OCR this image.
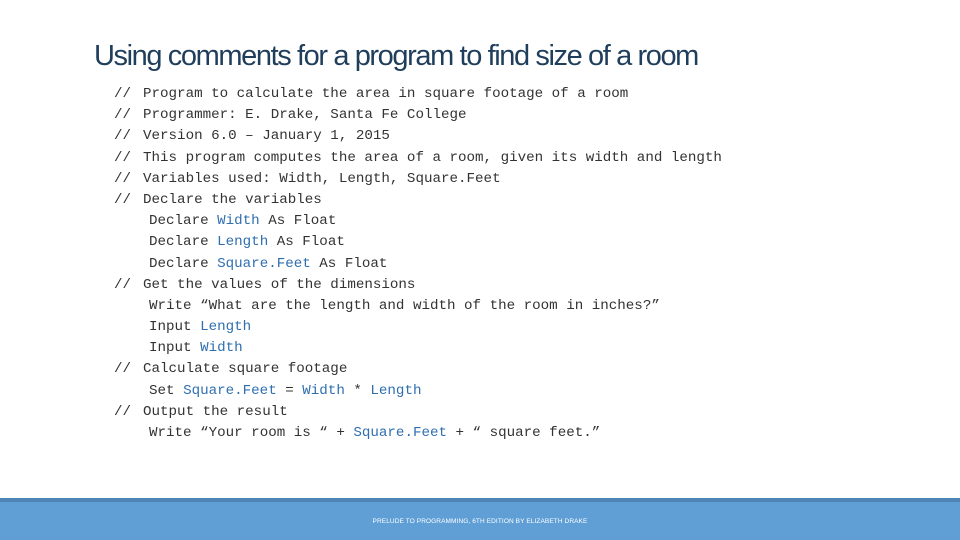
Using comments for a program to find size of a room
// Program to calculate the area in square footage of a room
// Programmer: E. Drake, Santa Fe College
// Version 6.0 – January 1, 2015
// This program computes the area of a room, given its width and length
// Variables used: Width, Length, Square.Feet
// Declare the variables
Declare Width As Float
Declare Length As Float
Declare Square.Feet As Float
// Get the values of the dimensions
Write “What are the length and width of the room in inches?”
Input Length
Input Width
// Calculate square footage
Set Square.Feet = Width * Length
// Output the result
Write “Your room is “ + Square.Feet + “ square feet.”
PRELUDE TO PROGRAMMING, 6TH EDITION BY ELIZABETH DRAKE
